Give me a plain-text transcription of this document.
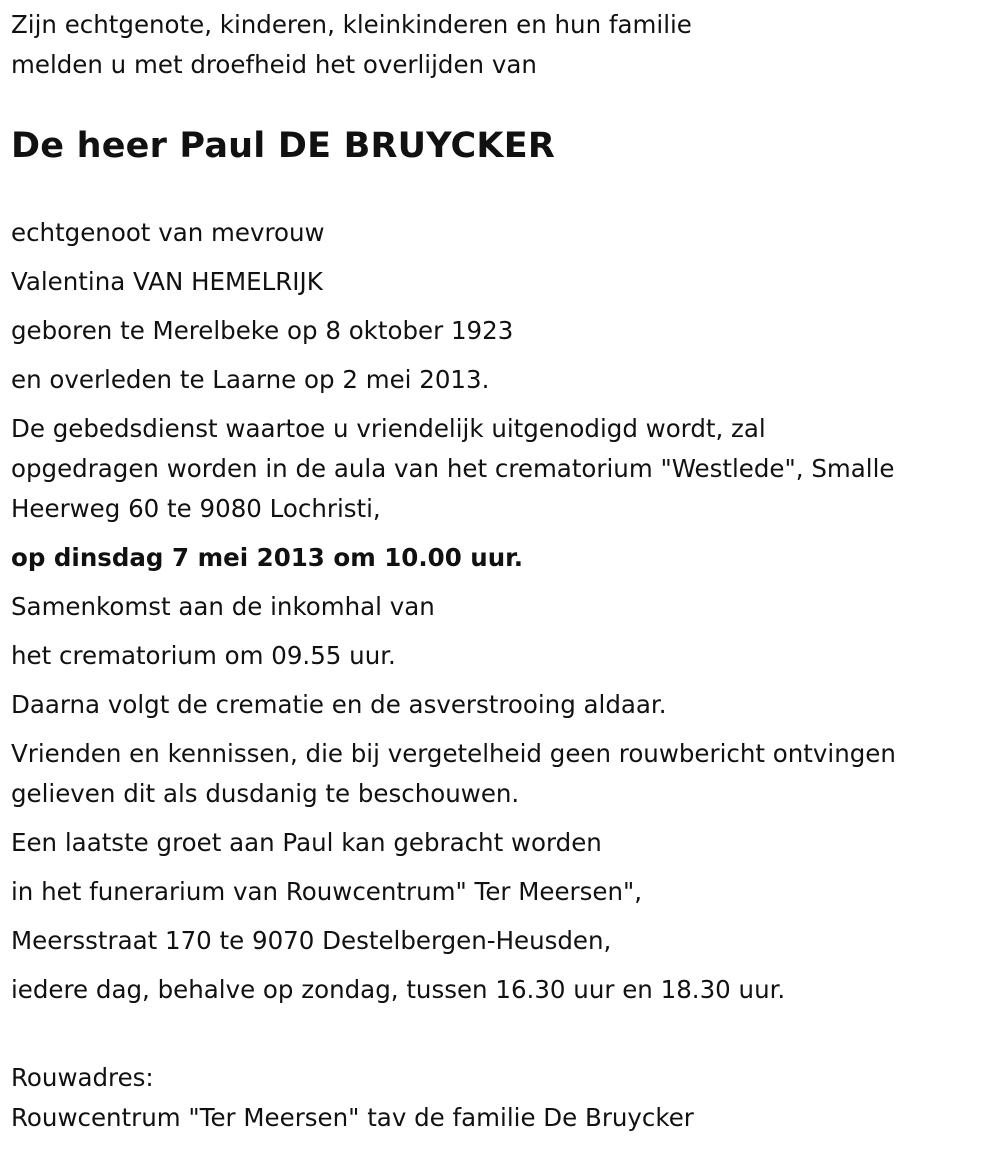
Zijn echtgenote, kinderen, kleinkinderen en hun familie
melden u met droefheid het overlijden van
De heer Paul DE BRUYCKER
echtgenoot van mevrouw
Valentina VAN HEMELRIJK
geboren te Merelbeke op 8 oktober 1923
en overleden te Laarne op 2 mei 2013.
De gebedsdienst waartoe u vriendelijk uitgenodigd wordt, zal
opgedragen worden in de aula van het crematorium "Westlede", Smalle
Heerweg 60 te 9080 Lochristi,
op dinsdag 7 mei 2013 om 10.00 uur.
Samenkomst aan de inkomhal van
het crematorium om 09.55 uur.
Daarna volgt de crematie en de asverstrooing aldaar.
Vrienden en kennissen, die bij vergetelheid geen rouwbericht ontvingen
gelieven dit als dusdanig te beschouwen.
Een laatste groet aan Paul kan gebracht worden
in het funerarium van Rouwcentrum" Ter Meersen",
Meersstraat 170 te 9070 Destelbergen-Heusden,
iedere dag, behalve op zondag, tussen 16.30 uur en 18.30 uur.
Rouwadres:
Rouwcentrum "Ter Meersen" tav de familie De Bruycker
